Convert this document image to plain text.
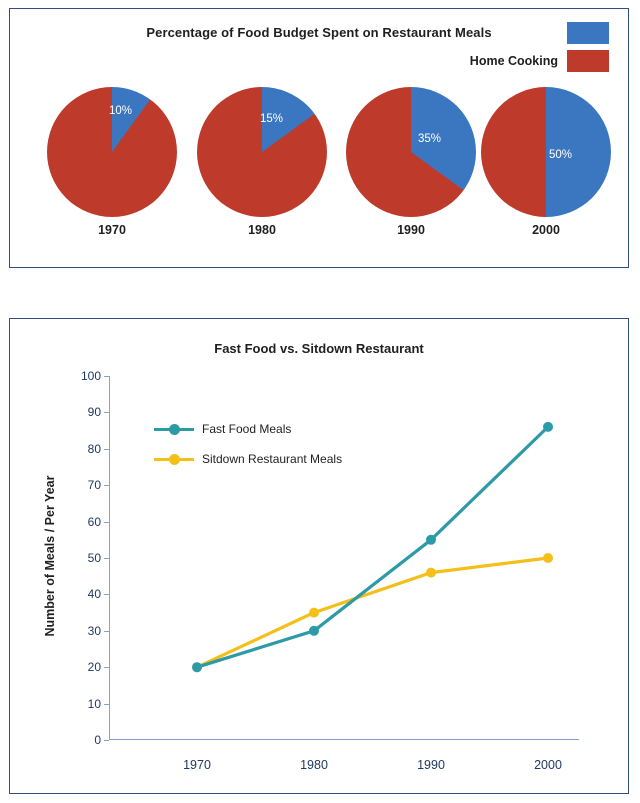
Percentage of Food Budget Spent on Restaurant Meals
Home Cooking
10%
1970
15%
1980
35%
1990
50%
2000
Fast Food vs. Sitdown Restaurant
Number of Meals / Per Year
0
10
20
30
40
50
60
70
80
90
100
1970	1980	1990	2000
Fast Food Meals
Sitdown Restaurant Meals
